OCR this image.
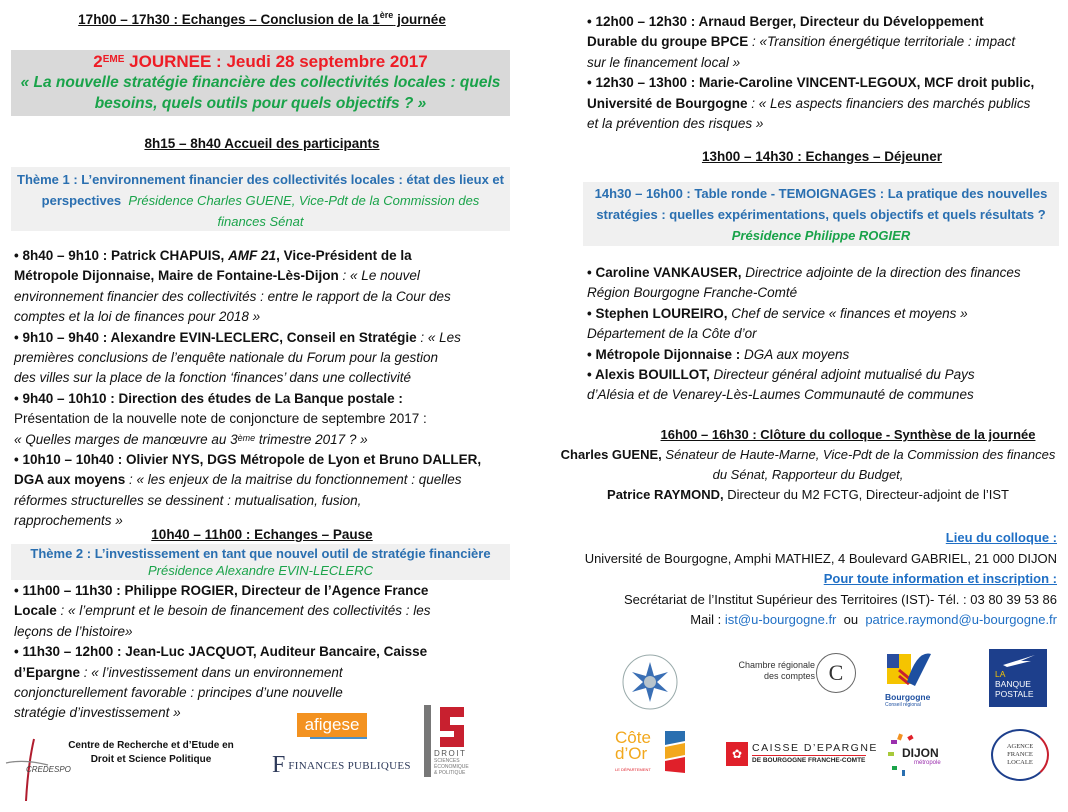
17h00 – 17h30 : Echanges – Conclusion de la 1ère journée
2EME JOURNEE : Jeudi 28 septembre 2017
« La nouvelle stratégie financière des collectivités locales : quels
besoins, quels outils pour quels objectifs ? »
8h15 – 8h40 Accueil des participants
Thème 1 : L’environnement financier des collectivités locales : état des lieux et
perspectives Présidence Charles GUENE, Vice-Pdt de la Commission des
finances Sénat
• 8h40 – 9h10 : Patrick CHAPUIS, AMF 21, Vice-Président de la
Métropole Dijonnaise, Maire de Fontaine-Lès-Dijon : « Le nouvel
environnement financier des collectivités : entre le rapport de la Cour des
comptes et la loi de finances pour 2018 »
• 9h10 – 9h40 : Alexandre EVIN-LECLERC, Conseil en Stratégie : « Les
premières conclusions de l’enquête nationale du Forum pour la gestion
des villes sur la place de la fonction ‘finances’ dans une collectivité
• 9h40 – 10h10 : Direction des études de La Banque postale :
Présentation de la nouvelle note de conjoncture de septembre 2017 :
« Quelles marges de manœuvre au 3ème trimestre 2017 ? »
• 10h10 – 10h40 : Olivier NYS, DGS Métropole de Lyon et Bruno DALLER,
DGA aux moyens : « les enjeux de la maitrise du fonctionnement : quelles
réformes structurelles se dessinent : mutualisation, fusion,
rapprochements »
10h40 – 11h00 : Echanges – Pause
Thème 2 : L’investissement en tant que nouvel outil de stratégie financière
Présidence Alexandre EVIN-LECLERC
• 11h00 – 11h30 : Philippe ROGIER, Directeur de l’Agence France
Locale : « l’emprunt et le besoin de financement des collectivités : les
leçons de l’histoire»
• 11h30 – 12h00 : Jean-Luc JACQUOT, Auditeur Bancaire, Caisse
d’Epargne : « l’investissement dans un environnement
conjoncturellement favorable : principes d’une nouvelle
stratégie d’investissement »
CREDESPO
Centre de Recherche et d’Etude en
Droit et Science Politique
afigese
F FINANCES PUBLIQUES
DROIT
SCIENCES
ÉCONOMIQUE
& POLITIQUE
• 12h00 – 12h30 : Arnaud Berger, Directeur du Développement
Durable du groupe BPCE : «Transition énergétique territoriale : impact
sur le financement local »
• 12h30 – 13h00 : Marie-Caroline VINCENT-LEGOUX, MCF droit public,
Université de Bourgogne : « Les aspects financiers des marchés publics
et la prévention des risques »
13h00 – 14h30 : Echanges – Déjeuner
14h30 – 16h00 : Table ronde - TEMOIGNAGES : La pratique des nouvelles
stratégies : quelles expérimentations, quels objectifs et quels résultats ?
Présidence Philippe ROGIER
• Caroline VANKAUSER, Directrice adjointe de la direction des finances
Région Bourgogne Franche-Comté
• Stephen LOUREIRO, Chef de service « finances et moyens »
Département de la Côte d’or
• Métropole Dijonnaise : DGA aux moyens
• Alexis BOUILLOT, Directeur général adjoint mutualisé du Pays
d’Alésia et de Venarey-Lès-Laumes Communauté de communes
16h00 – 16h30 : Clôture du colloque - Synthèse de la journée
Charles GUENE, Sénateur de Haute-Marne, Vice-Pdt de la Commission des finances
du Sénat, Rapporteur du Budget,
Patrice RAYMOND, Directeur du M2 FCTG, Directeur-adjoint de l’IST
Lieu du colloque :
Université de Bourgogne, Amphi MATHIEZ, 4 Boulevard GABRIEL, 21 000 DIJON
Pour toute information et inscription :
Secrétariat de l’Institut Supérieur des Territoires (IST)- Tél. : 03 80 39 53 86
Mail : ist@u-bourgogne.fr  ou  patrice.raymond@u-bourgogne.fr
Chambre régionale
des comptes C
Bourgogne
Conseil régional
LA
BANQUE
POSTALE
Côte
d’Or
LE DÉPARTEMENT
✿ CAISSE D’EPARGNE
DE BOURGOGNE FRANCHE-COMTE
DIJON
métropole
AGENCE
FRANCE
LOCALE
